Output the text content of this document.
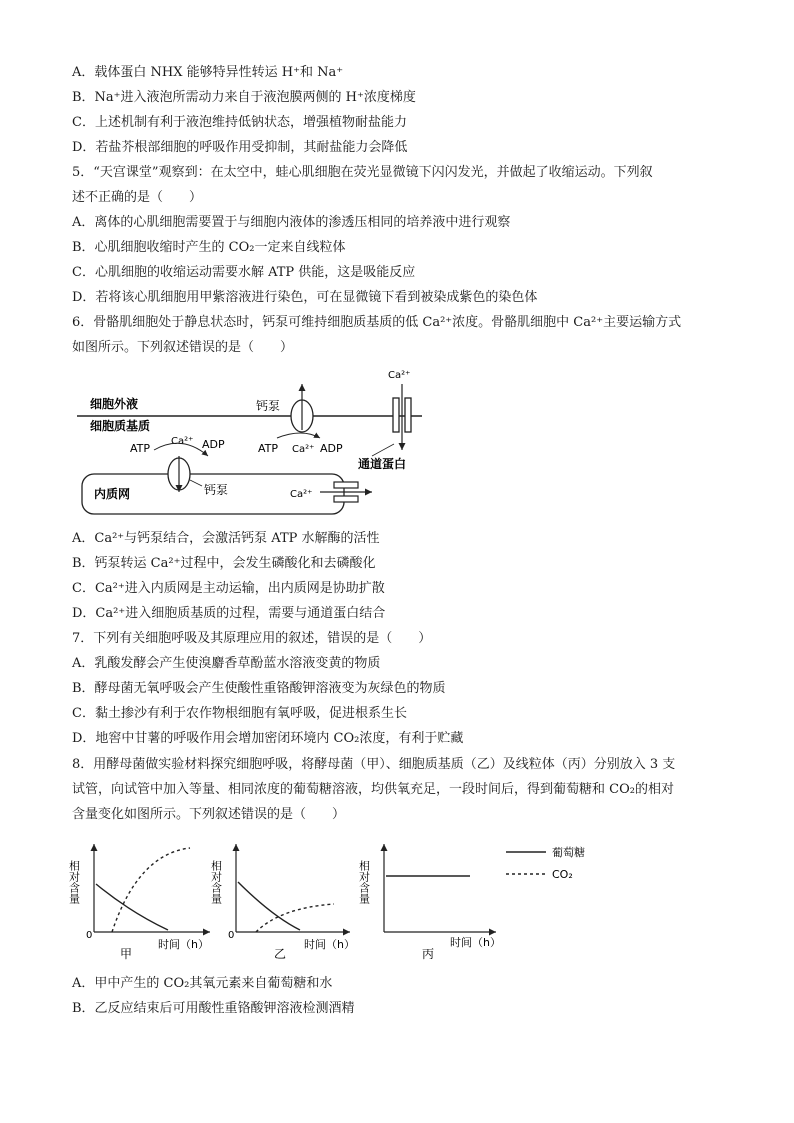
A．载体蛋白 NHX 能够特异性转运 H⁺和 Na⁺
B．Na⁺进入液泡所需动力来自于液泡膜两侧的 H⁺浓度梯度
C．上述机制有利于液泡维持低钠状态，增强植物耐盐能力
D．若盐芥根部细胞的呼吸作用受抑制，其耐盐能力会降低
5．“天宫课堂”观察到：在太空中，蛙心肌细胞在荧光显微镜下闪闪发光，并做起了收缩运动。下列叙
述不正确的是（　　）
A．离体的心肌细胞需要置于与细胞内液体的渗透压相同的培养液中进行观察
B．心肌细胞收缩时产生的 CO₂一定来自线粒体
C．心肌细胞的收缩运动需要水解 ATP 供能，这是吸能反应
D．若将该心肌细胞用甲紫溶液进行染色，可在显微镜下看到被染成紫色的染色体
6．骨骼肌细胞处于静息状态时，钙泵可维持细胞质基质的低 Ca²⁺浓度。骨骼肌细胞中 Ca²⁺主要运输方式
如图所示。下列叙述错误的是（　　）
A．Ca²⁺与钙泵结合，会激活钙泵 ATP 水解酶的活性
B．钙泵转运 Ca²⁺过程中，会发生磷酸化和去磷酸化
C．Ca²⁺进入内质网是主动运输，出内质网是协助扩散
D．Ca²⁺进入细胞质基质的过程，需要与通道蛋白结合
7．下列有关细胞呼吸及其原理应用的叙述，错误的是（　　）
A．乳酸发酵会产生使溴麝香草酚蓝水溶液变黄的物质
B．酵母菌无氧呼吸会产生使酸性重铬酸钾溶液变为灰绿色的物质
C．黏土掺沙有利于农作物根细胞有氧呼吸，促进根系生长
D．地窖中甘薯的呼吸作用会增加密闭环境内 CO₂浓度，有利于贮藏
8．用酵母菌做实验材料探究细胞呼吸，将酵母菌（甲）、细胞质基质（乙）及线粒体（丙）分别放入 3 支
试管，向试管中加入等量、相同浓度的葡萄糖溶液，均供氧充足，一段时间后，得到葡萄糖和 CO₂的相对
含量变化如图所示。下列叙述错误的是（　　）
A．甲中产生的 CO₂其氧元素来自葡萄糖和水
B．乙反应结束后可用酸性重铬酸钾溶液检测酒精
细胞外液
细胞质基质
钙泵
ATP Ca²⁺ ADP
Ca²⁺
通道蛋白
内质网
ATP
Ca²⁺ ADP
钙泵	Ca²⁺
相对含量
0
时间（h）
甲
相对含量
0
时间（h）
乙
相对含量
时间（h）
丙
葡萄糖
CO₂
